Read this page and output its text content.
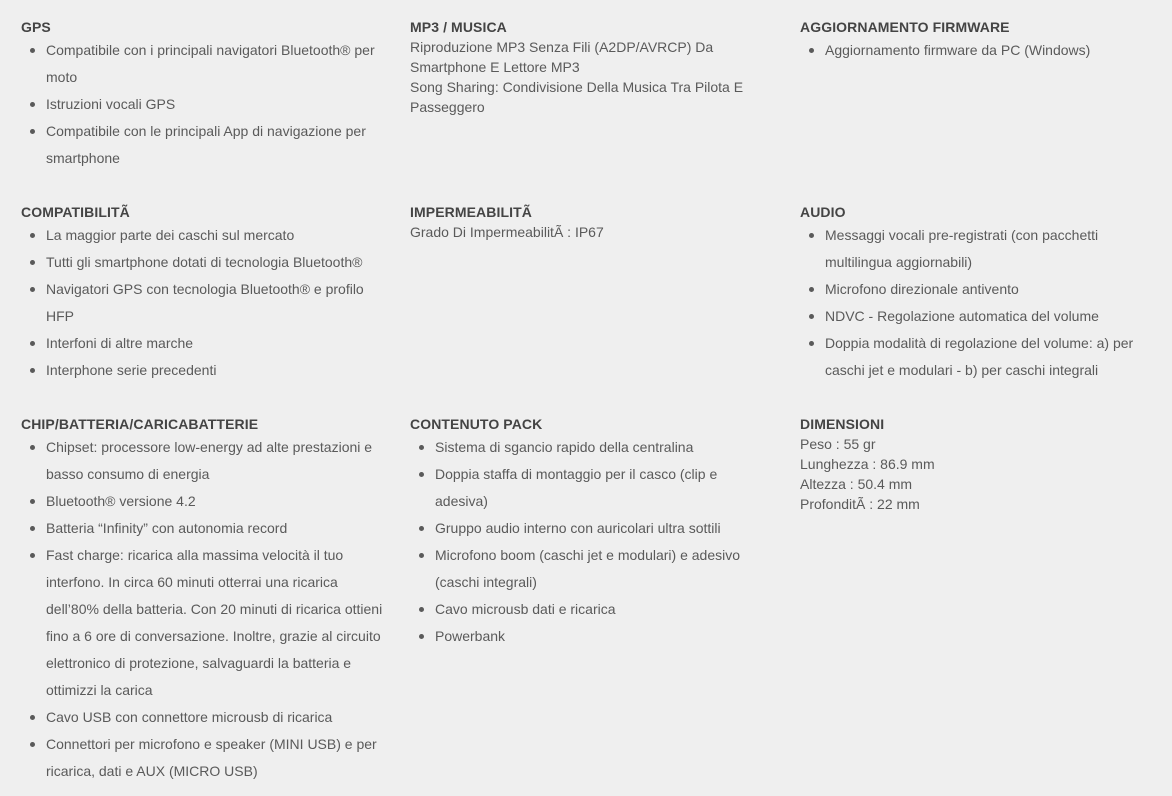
GPS
Compatibile con i principali navigatori Bluetooth® per moto
Istruzioni vocali GPS
Compatibile con le principali App di navigazione per smartphone
MP3 / MUSICA

Riproduzione MP3 Senza Fili (A2DP/AVRCP) Da Smartphone E Lettore MP3

Song Sharing: Condivisione Della Musica Tra Pilota E Passeggero

AGGIORNAMENTO FIRMWARE
Aggiornamento firmware da PC (Windows)
COMPATIBILITÃ
La maggior parte dei caschi sul mercato
Tutti gli smartphone dotati di tecnologia Bluetooth®
Navigatori GPS con tecnologia Bluetooth® e profilo HFP
Interfoni di altre marche
Interphone serie precedenti
IMPERMEABILITÃ

Grado Di ImpermeabilitÃ : IP67

AUDIO
Messaggi vocali pre-registrati (con pacchetti multilingua aggiornabili)
Microfono direzionale antivento
NDVC - Regolazione automatica del volume
Doppia modalità di regolazione del volume: a) per caschi jet e modulari - b) per caschi integrali
CHIP/BATTERIA/CARICABATTERIE
Chipset: processore low-energy ad alte prestazioni e basso consumo di energia
Bluetooth® versione 4.2
Batteria “Infinity” con autonomia record
Fast charge: ricarica alla massima velocità il tuo interfono. In circa 60 minuti otterrai una ricarica dell’80% della batteria. Con 20 minuti di ricarica ottieni fino a 6 ore di conversazione. Inoltre, grazie al circuito elettronico di protezione, salvaguardi la batteria e ottimizzi la carica
Cavo USB con connettore microusb di ricarica
Connettori per microfono e speaker (MINI USB) e per ricarica, dati e AUX (MICRO USB)
CONTENUTO PACK
Sistema di sgancio rapido della centralina
Doppia staffa di montaggio per il casco (clip e adesiva)
Gruppo audio interno con auricolari ultra sottili
Microfono boom (caschi jet e modulari) e adesivo (caschi integrali)
Cavo microusb dati e ricarica
Powerbank
DIMENSIONI

Peso : 55 gr

Lunghezza : 86.9 mm

Altezza : 50.4 mm

ProfonditÃ : 22 mm
